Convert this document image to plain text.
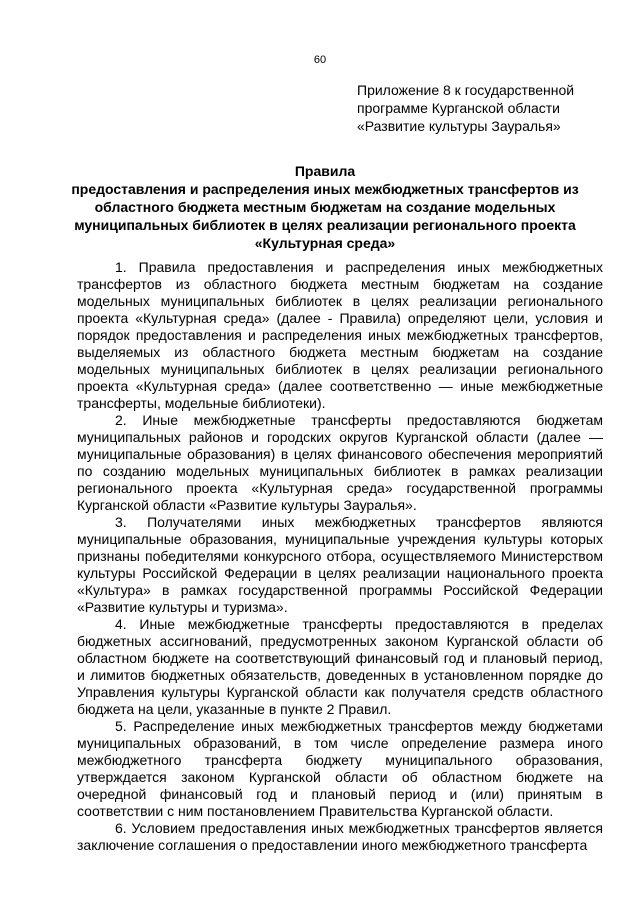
60
Приложение 8 к государственной
программе Курганской области
«Развитие культуры Зауралья»
Правила
предоставления и распределения иных межбюджетных трансфертов из
областного бюджета местным бюджетам на создание модельных
муниципальных библиотек в целях реализации регионального проекта
«Культурная среда»

1. Правила предоставления и распределения иных межбюджетных трансфертов из областного бюджета местным бюджетам на создание модельных муниципальных библиотек в целях реализации регионального проекта «Культурная среда» (далее - Правила) определяют цели, условия и порядок предоставления и распределения иных межбюджетных трансфертов, выделяемых из областного бюджета местным бюджетам на создание модельных муниципальных библиотек в целях реализации регионального проекта «Культурная среда» (далее соответственно — иные межбюджетные трансферты, модельные библиотеки).

2. Иные межбюджетные трансферты предоставляются бюджетам муниципальных районов и городских округов Курганской области (далее — муниципальные образования) в целях финансового обеспечения мероприятий по созданию модельных муниципальных библиотек в рамках реализации регионального проекта «Культурная среда» государственной программы Курганской области «Развитие культуры Зауралья».

3. Получателями иных межбюджетных трансфертов являются муниципальные образования, муниципальные учреждения культуры которых признаны победителями конкурсного отбора, осуществляемого Министерством культуры Российской Федерации в целях реализации национального проекта «Культура» в рамках государственной программы Российской Федерации «Развитие культуры и туризма».

4. Иные межбюджетные трансферты предоставляются в пределах бюджетных ассигнований, предусмотренных законом Курганской области об областном бюджете на соответствующий финансовый год и плановый период, и лимитов бюджетных обязательств, доведенных в установленном порядке до Управления культуры Курганской области как получателя средств областного бюджета на цели, указанные в пункте 2 Правил.

5. Распределение иных межбюджетных трансфертов между бюджетами муниципальных образований, в том числе определение размера иного межбюджетного трансферта бюджету муниципального образования, утверждается законом Курганской области об областном бюджете на очередной финансовый год и плановый период и (или) принятым в соответствии с ним постановлением Правительства Курганской области.

6. Условием предоставления иных межбюджетных трансфертов является заключение соглашения о предоставлении иного межбюджетного трансферта
